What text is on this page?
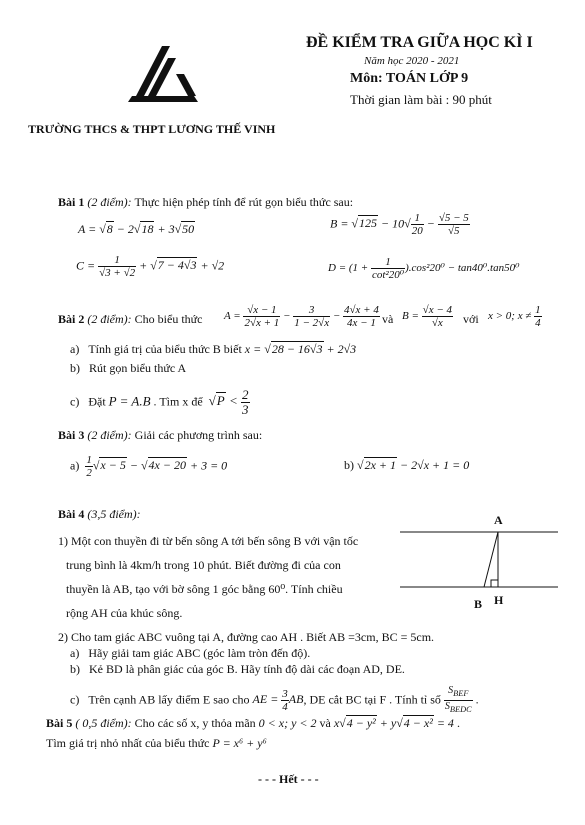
ĐỀ KIỂM TRA GIỮA HỌC KÌ I
Năm học 2020 - 2021
Môn: TOÁN LỚP 9
Thời gian làm bài : 90 phút
TRƯỜNG THCS & THPT LƯƠNG THẾ VINH
Bài 1 (2 điểm): Thực hiện phép tính để rút gọn biểu thức sau:
A = √8 − 2√18 + 3√50	$B = √125 - 10√ \frac{1}{20} - \frac{√5 - 5}{√5}$
$C = \frac{1}{√3 + √2} + √7 - 4√3 + √2$	$D = (1 + \frac{1}{\text{cot²20⁰}} ).\cos^220^0 - \tan 40^0.\tan 50^0$
Bài 2 (2 điểm): Cho biểu thức $A = \frac{√x - 1}{2√x + 1} - \frac{3}{1 - 2√x} - \frac{4√x + 4}{4x - 1}$ và $B = \frac{√x - 4}{√x}$ với x > 0; $x \ne \frac{1}{4}$
a)   Tính giá trị của biểu thức B biết x = √28 − 16√3 + 2√3
b)   Rút gọn biểu thức A
c)   Đặt P = A.B . Tìm x để $√P < \frac{2}{3}$
Bài 3 (2 điểm): Giải các phương trình sau:
$a) \frac{1}{2} √x - 5 - √4x - 20 + 3 = 0$	b) √2x + 1 − 2√x + 1 = 0
Bài 4 (3,5 điểm):
1) Một con thuyền đi từ bến sông A tới bến sông B với vận tốc
trung bình là 4km/h trong 10 phút. Biết đường đi của con
thuyền là AB, tạo với bờ sông 1 góc bằng 60⁰. Tính chiều
rộng AH của khúc sông.
A
B H
2) Cho tam giác ABC vuông tại A, đường cao AH . Biết AB =3cm, BC = 5cm.
a)   Hãy giải tam giác ABC (góc làm tròn đến độ).
b)   Kẻ BD là phân giác của góc B. Hãy tính độ dài các đoạn AD, DE.
c)   Trên cạnh AB lấy điểm E sao cho AE = $\frac{3}{4}$ AB, DE cắt BC tại F . Tính tỉ số $\frac{S_{BEF}}{S_{BEDC}}$ .
Bài 5 ( 0,5 điểm): Cho các số x, y thỏa mãn 0 < x; y < 2 và x√4 − y² + y√4 − x² = 4 .
Tìm giá trị nhỏ nhất của biểu thức P = x⁶ + y⁶
- - - Hết - - -
